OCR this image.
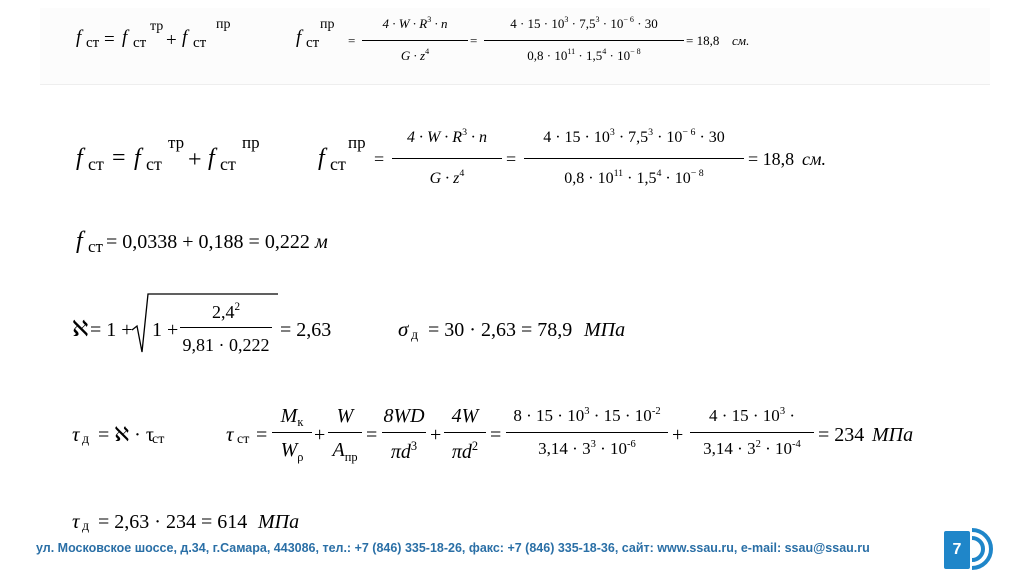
f ст = f ст
тр
+ f ст
пр
f ст
пр
=
$4 \cdot W \cdot R^3 \cdot n$
$G \cdot z^4$
=
$4 \cdot 15 \cdot 10^3 \cdot 7,5^3 \cdot 10^{- 6} \cdot 30$
$0,8 \cdot 10^{11} \cdot 1,5^4 \cdot 10^{- 8}$
= 18,8 см.
f ст = f ст
тр
+ f ст
пр
f ст
пр
=
$4 \cdot W \cdot R^3 \cdot n$
$G \cdot z^4$
=
$4 \cdot 15 \cdot 10^3 \cdot 7,5^3 \cdot 10^{- 6} \cdot 30$
$0,8 \cdot 10^{11} \cdot 1,5^4 \cdot 10^{- 8}$
= 18,8 см.
f ст = 0,0338 + 0,188 = 0,222 м
ℵ = 1 + 1 +
$2,4^2$
9,81 · 0,222
= 2,63	σ д = 30 · 2,63 = 78,9 МПа
τ д = ℵ · τ
ст	τ ст =
$M_к$
$W_\rho$
+
W
$A_{пр}$
=
8WD
$\pi d^3$ +
4W
$\pi d^2$ =
$8 \cdot 15 \cdot 10^3 \cdot 15 \cdot 10^{-2}$
$3,14 \cdot 3^3 \cdot 10^{-6}$	+
$4 \cdot 15 \cdot 10^3$ ·
$3,14 \cdot 3^2 \cdot 10^{-4} = 234$ МПа
τ д = 2,63 · 234 = 614 МПа
ул. Московское шоссе, д.34, г.Самара, 443086, тел.: +7 (846) 335-18-26, факс: +7 (846) 335-18-36, сайт: www.ssau.ru, e-mail: ssau@ssau.ru	7
